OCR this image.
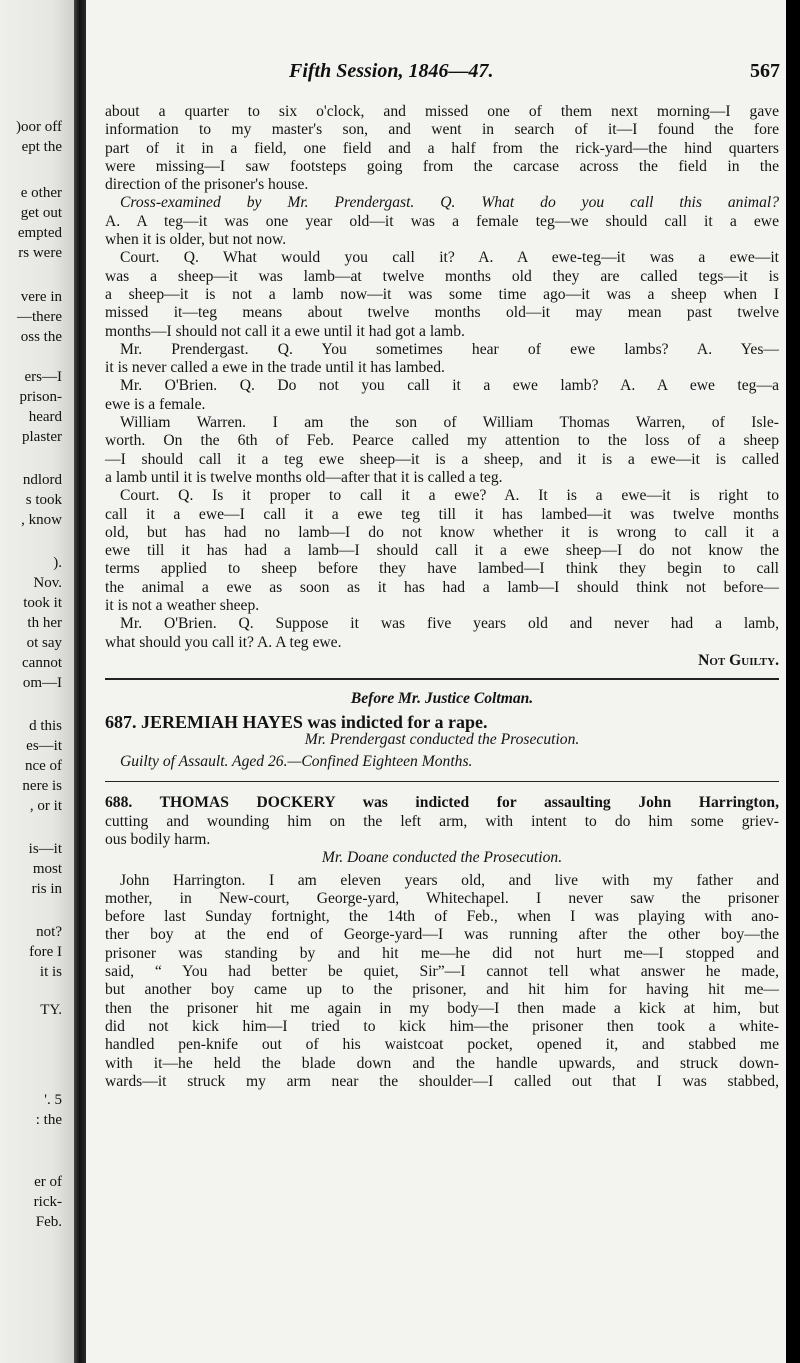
)oor off
ept the
e other
get out
empted
rs were
vere in
—there
oss the
ers—I
prison-
heard
plaster
ndlord
s took
, know
).
Nov.
took it
th her
ot say
cannot
om—I
d this
es—it
nce of
nere is
, or it
is—it
most
ris in
not?
fore I
it is
TY.
'. 5
: the
er of
rick-
Feb.
Fifth Session, 1846—47.	567
about a quarter to six o'clock, and missed one of them next morning—I gave
information to my master's son, and went in search of it—I found the fore
part of it in a field, one field and a half from the rick-yard—the hind quarters
were missing—I saw footsteps going from the carcase across the field in the
direction of the prisoner's house.
Cross-examined by Mr. Prendergast. Q. What do you call this animal?
A. A teg—it was one year old—it was a female teg—we should call it a ewe
when it is older, but not now.
Court. Q. What would you call it? A. A ewe-teg—it was a ewe—it
was a sheep—it was lamb—at twelve months old they are called tegs—it is
a sheep—it is not a lamb now—it was some time ago—it was a sheep when I
missed it—teg means about twelve months old—it may mean past twelve
months—I should not call it a ewe until it had got a lamb.
Mr. Prendergast. Q. You sometimes hear of ewe lambs? A. Yes—
it is never called a ewe in the trade until it has lambed.
Mr. O'Brien. Q. Do not you call it a ewe lamb? A. A ewe teg—a
ewe is a female.
William Warren. I am the son of William Thomas Warren, of Isle-
worth. On the 6th of Feb. Pearce called my attention to the loss of a sheep
—I should call it a teg ewe sheep—it is a sheep, and it is a ewe—it is called
a lamb until it is twelve months old—after that it is called a teg.
Court. Q. Is it proper to call it a ewe? A. It is a ewe—it is right to
call it a ewe—I call it a ewe teg till it has lambed—it was twelve months
old, but has had no lamb—I do not know whether it is wrong to call it a
ewe till it has had a lamb—I should call it a ewe sheep—I do not know the
terms applied to sheep before they have lambed—I think they begin to call
the animal a ewe as soon as it has had a lamb—I should think not before—
it is not a weather sheep.
Mr. O'Brien. Q. Suppose it was five years old and never had a lamb,
what should you call it? A. A teg ewe.
Not Guilty.
Before Mr. Justice Coltman.
687. JEREMIAH HAYES was indicted for a rape.
Mr. Prendergast conducted the Prosecution.
Guilty of Assault. Aged 26.—Confined Eighteen Months.
688. THOMAS DOCKERY was indicted for assaulting John Harrington,
cutting and wounding him on the left arm, with intent to do him some griev-
ous bodily harm.
Mr. Doane conducted the Prosecution.
John Harrington. I am eleven years old, and live with my father and
mother, in New-court, George-yard, Whitechapel. I never saw the prisoner
before last Sunday fortnight, the 14th of Feb., when I was playing with ano-
ther boy at the end of George-yard—I was running after the other boy—the
prisoner was standing by and hit me—he did not hurt me—I stopped and
said, “ You had better be quiet, Sir”—I cannot tell what answer he made,
but another boy came up to the prisoner, and hit him for having hit me—
then the prisoner hit me again in my body—I then made a kick at him, but
did not kick him—I tried to kick him—the prisoner then took a white-
handled pen-knife out of his waistcoat pocket, opened it, and stabbed me
with it—he held the blade down and the handle upwards, and struck down-
wards—it struck my arm near the shoulder—I called out that I was stabbed,
